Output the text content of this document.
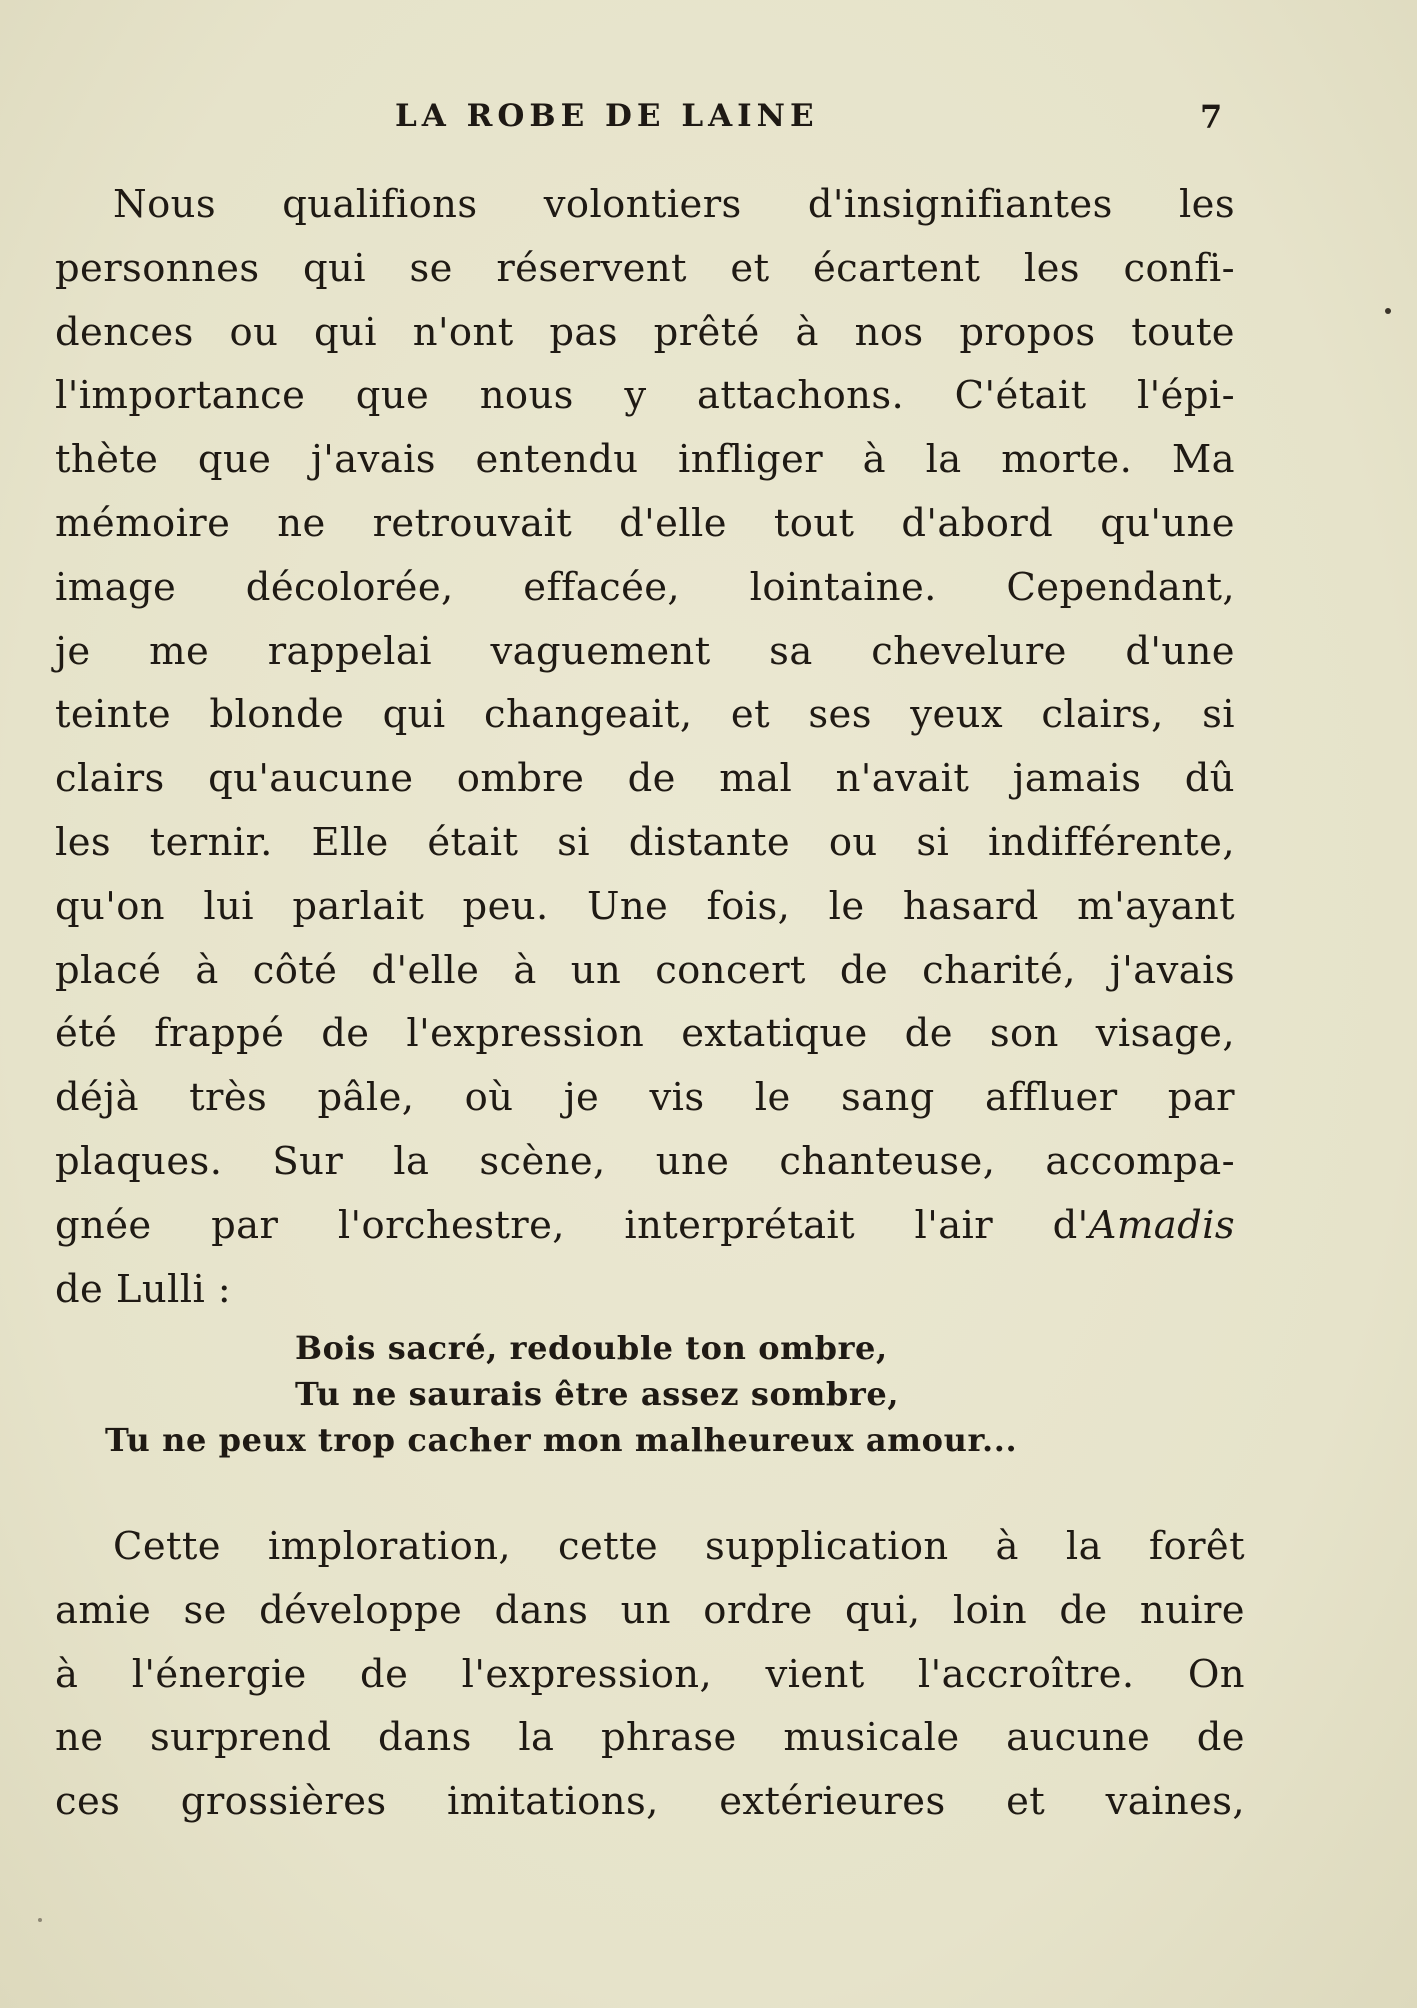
LA ROBE DE LAINE	7
Nous qualifions volontiers d'insignifiantes les
personnes qui se réservent et écartent les confi-
dences ou qui n'ont pas prêté à nos propos toute
l'importance que nous y attachons. C'était l'épi-
thète que j'avais entendu infliger à la morte. Ma
mémoire ne retrouvait d'elle tout d'abord qu'une
image décolorée, effacée, lointaine. Cependant,
je me rappelai vaguement sa chevelure d'une
teinte blonde qui changeait, et ses yeux clairs, si
clairs qu'aucune ombre de mal n'avait jamais dû
les ternir. Elle était si distante ou si indifférente,
qu'on lui parlait peu. Une fois, le hasard m'ayant
placé à côté d'elle à un concert de charité, j'avais
été frappé de l'expression extatique de son visage,
déjà très pâle, où je vis le sang affluer par
plaques. Sur la scène, une chanteuse, accompa-
gnée par l'orchestre, interprétait l'air d'Amadis
de Lulli :
Bois sacré, redouble ton ombre,
Tu ne saurais être assez sombre,
Tu ne peux trop cacher mon malheureux amour...
Cette imploration, cette supplication à la forêt
amie se développe dans un ordre qui, loin de nuire
à l'énergie de l'expression, vient l'accroître. On
ne surprend dans la phrase musicale aucune de
ces grossières imitations, extérieures et vaines,
